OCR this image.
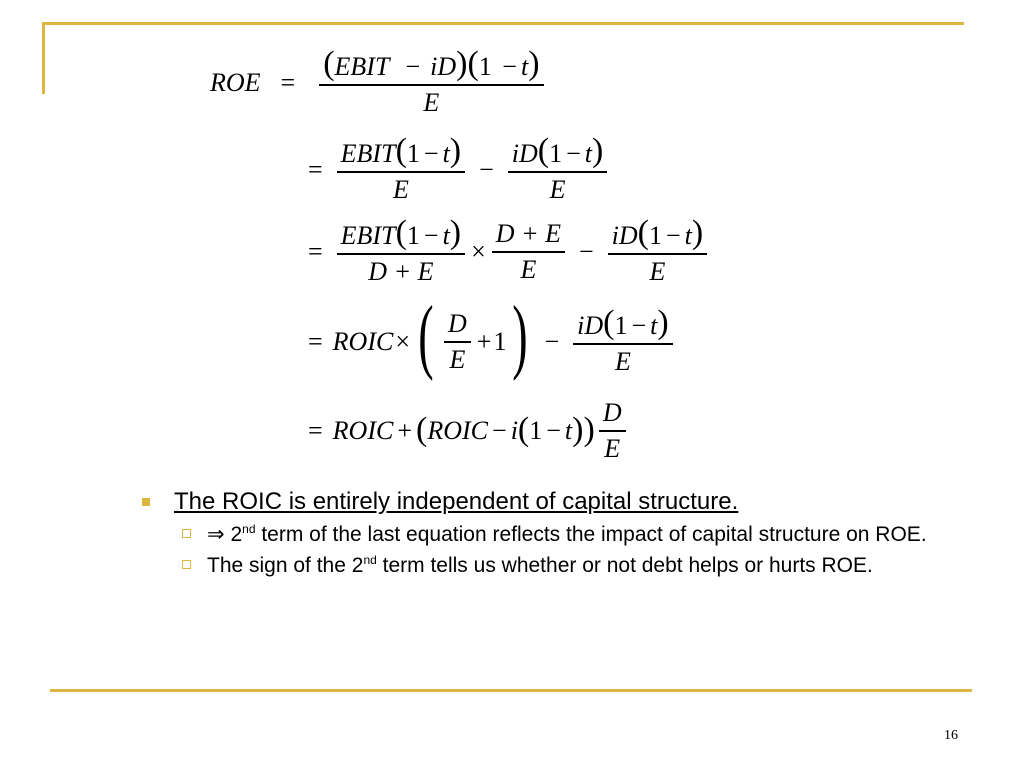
ROE = $\frac{\text{(EBIT − iD)(1 − t)}}{E}$
= $\frac{\text{EBIT(1 − t)}}{E} - \frac{iD(1 - t)}{E}$
= $\frac{\text{EBIT(1 − t)}}{D + E} \times \frac{D + E}{E} - \frac{iD(1 - t)}{E}$
= ROIC × ( $\frac{D}{E} + 1$ ) − $\frac{iD(1 - t)}{E}$
= ROIC + ( ROIC − i ( 1 − t ) ) $\frac{D}{E}$
The ROIC is entirely independent of capital structure.
⇒ 2nd term of the last equation reflects the impact of capital structure on ROE.
The sign of the 2nd term tells us whether or not debt helps or hurts ROE.
16
